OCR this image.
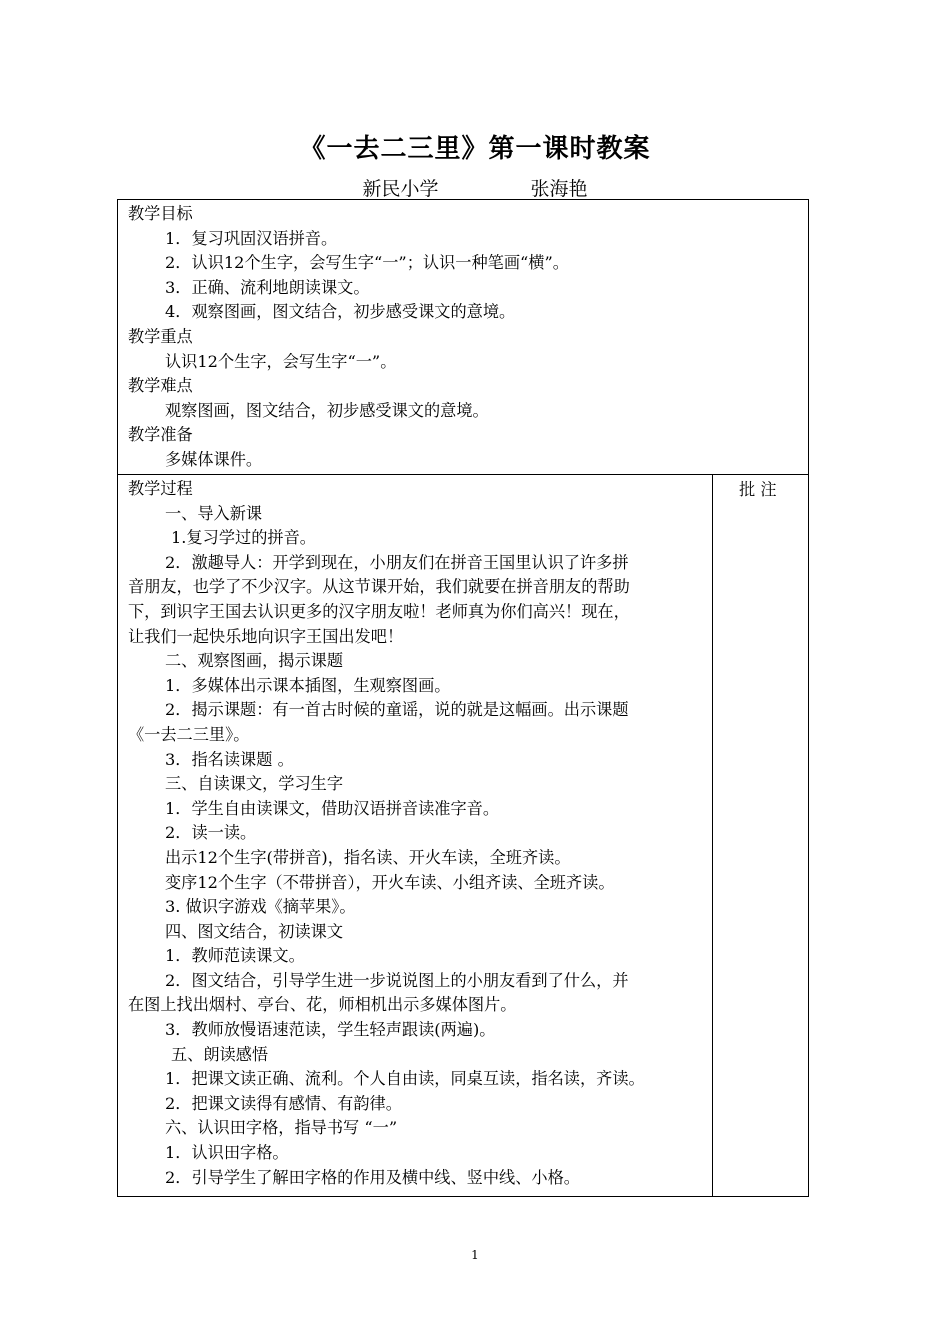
《一去二三里》第一课时教案
新民小学	张海艳
教学目标
1．复习巩固汉语拼音。
2．认识12个生字，会写生字“一”；认识一种笔画“横”。
3．正确、流利地朗读课文。
4．观察图画，图文结合，初步感受课文的意境。
教学重点
认识12个生字，会写生字“一”。
教学难点
观察图画，图文结合，初步感受课文的意境。
教学准备
多媒体课件。
教学过程
一、导入新课
1.复习学过的拼音。
2．激趣导人：开学到现在，小朋友们在拼音王国里认识了许多拼
音朋友，也学了不少汉字。从这节课开始，我们就要在拼音朋友的帮助
下，到识字王国去认识更多的汉字朋友啦！老师真为你们高兴！现在，
让我们一起快乐地向识字王国出发吧！
二、观察图画，揭示课题
1．多媒体出示课本插图，生观察图画。
2．揭示课题：有一首古时候的童谣，说的就是这幅画。出示课题
《一去二三里》。
3．指名读课题 。
三、自读课文，学习生字
1．学生自由读课文，借助汉语拼音读准字音。
2．读一读。
出示12个生字(带拼音)，指名读、开火车读，全班齐读。
变序12个生字（不带拼音），开火车读、小组齐读、全班齐读。
3. 做识字游戏《摘苹果》。
四、图文结合，初读课文
1．教师范读课文。
2．图文结合，引导学生进一步说说图上的小朋友看到了什么，并
在图上找出烟村、亭台、花，师相机出示多媒体图片。
3．教师放慢语速范读，学生轻声跟读(两遍)。
五、朗读感悟
1．把课文读正确、流利。个人自由读，同桌互读，指名读，齐读。
2．把课文读得有感情、有韵律。
六、认识田字格，指导书写 “一”
1．认识田字格。
2．引导学生了解田字格的作用及横中线、竖中线、小格。
批 注
1
